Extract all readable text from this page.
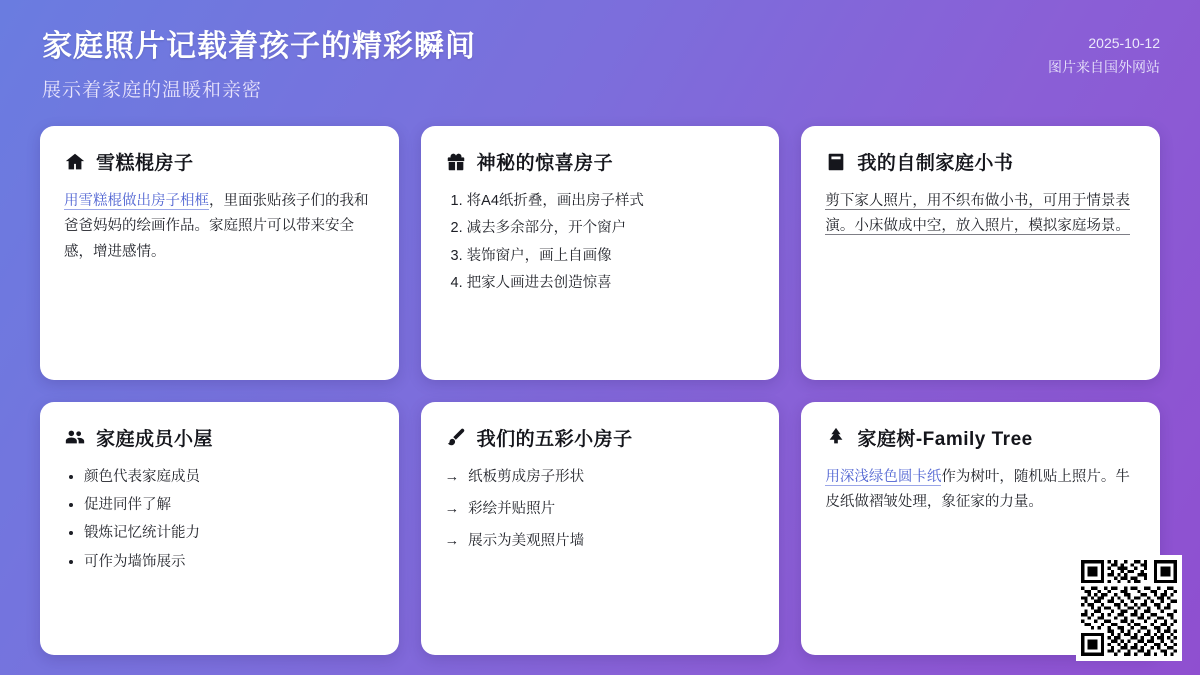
家庭照片记载着孩子的精彩瞬间
展示着家庭的温暖和亲密
2025-10-12
图片来自国外网站
雪糕棍房子
用雪糕棍做出房子相框，里面张贴孩子们的我和爸爸妈妈的绘画作品。家庭照片可以带来安全感，增进感情。
神秘的惊喜房子
1. 将A4纸折叠，画出房子样式
2. 减去多余部分，开个窗户
3. 装饰窗户，画上自画像
4. 把家人画进去创造惊喜
我的自制家庭小书
剪下家人照片，用不织布做小书，可用于情景表演。小床做成中空，放入照片，模拟家庭场景。
家庭成员小屋
• 颜色代表家庭成员
• 促进同伴了解
• 锻炼记忆统计能力
• 可作为墙饰展示
我们的五彩小房子
→ 纸板剪成房子形状
→ 彩绘并贴照片
→ 展示为美观照片墙
家庭树-Family Tree
用深浅绿色圆卡纸作为树叶，随机贴上照片。牛皮纸做褶皱处理，象征家的力量。
